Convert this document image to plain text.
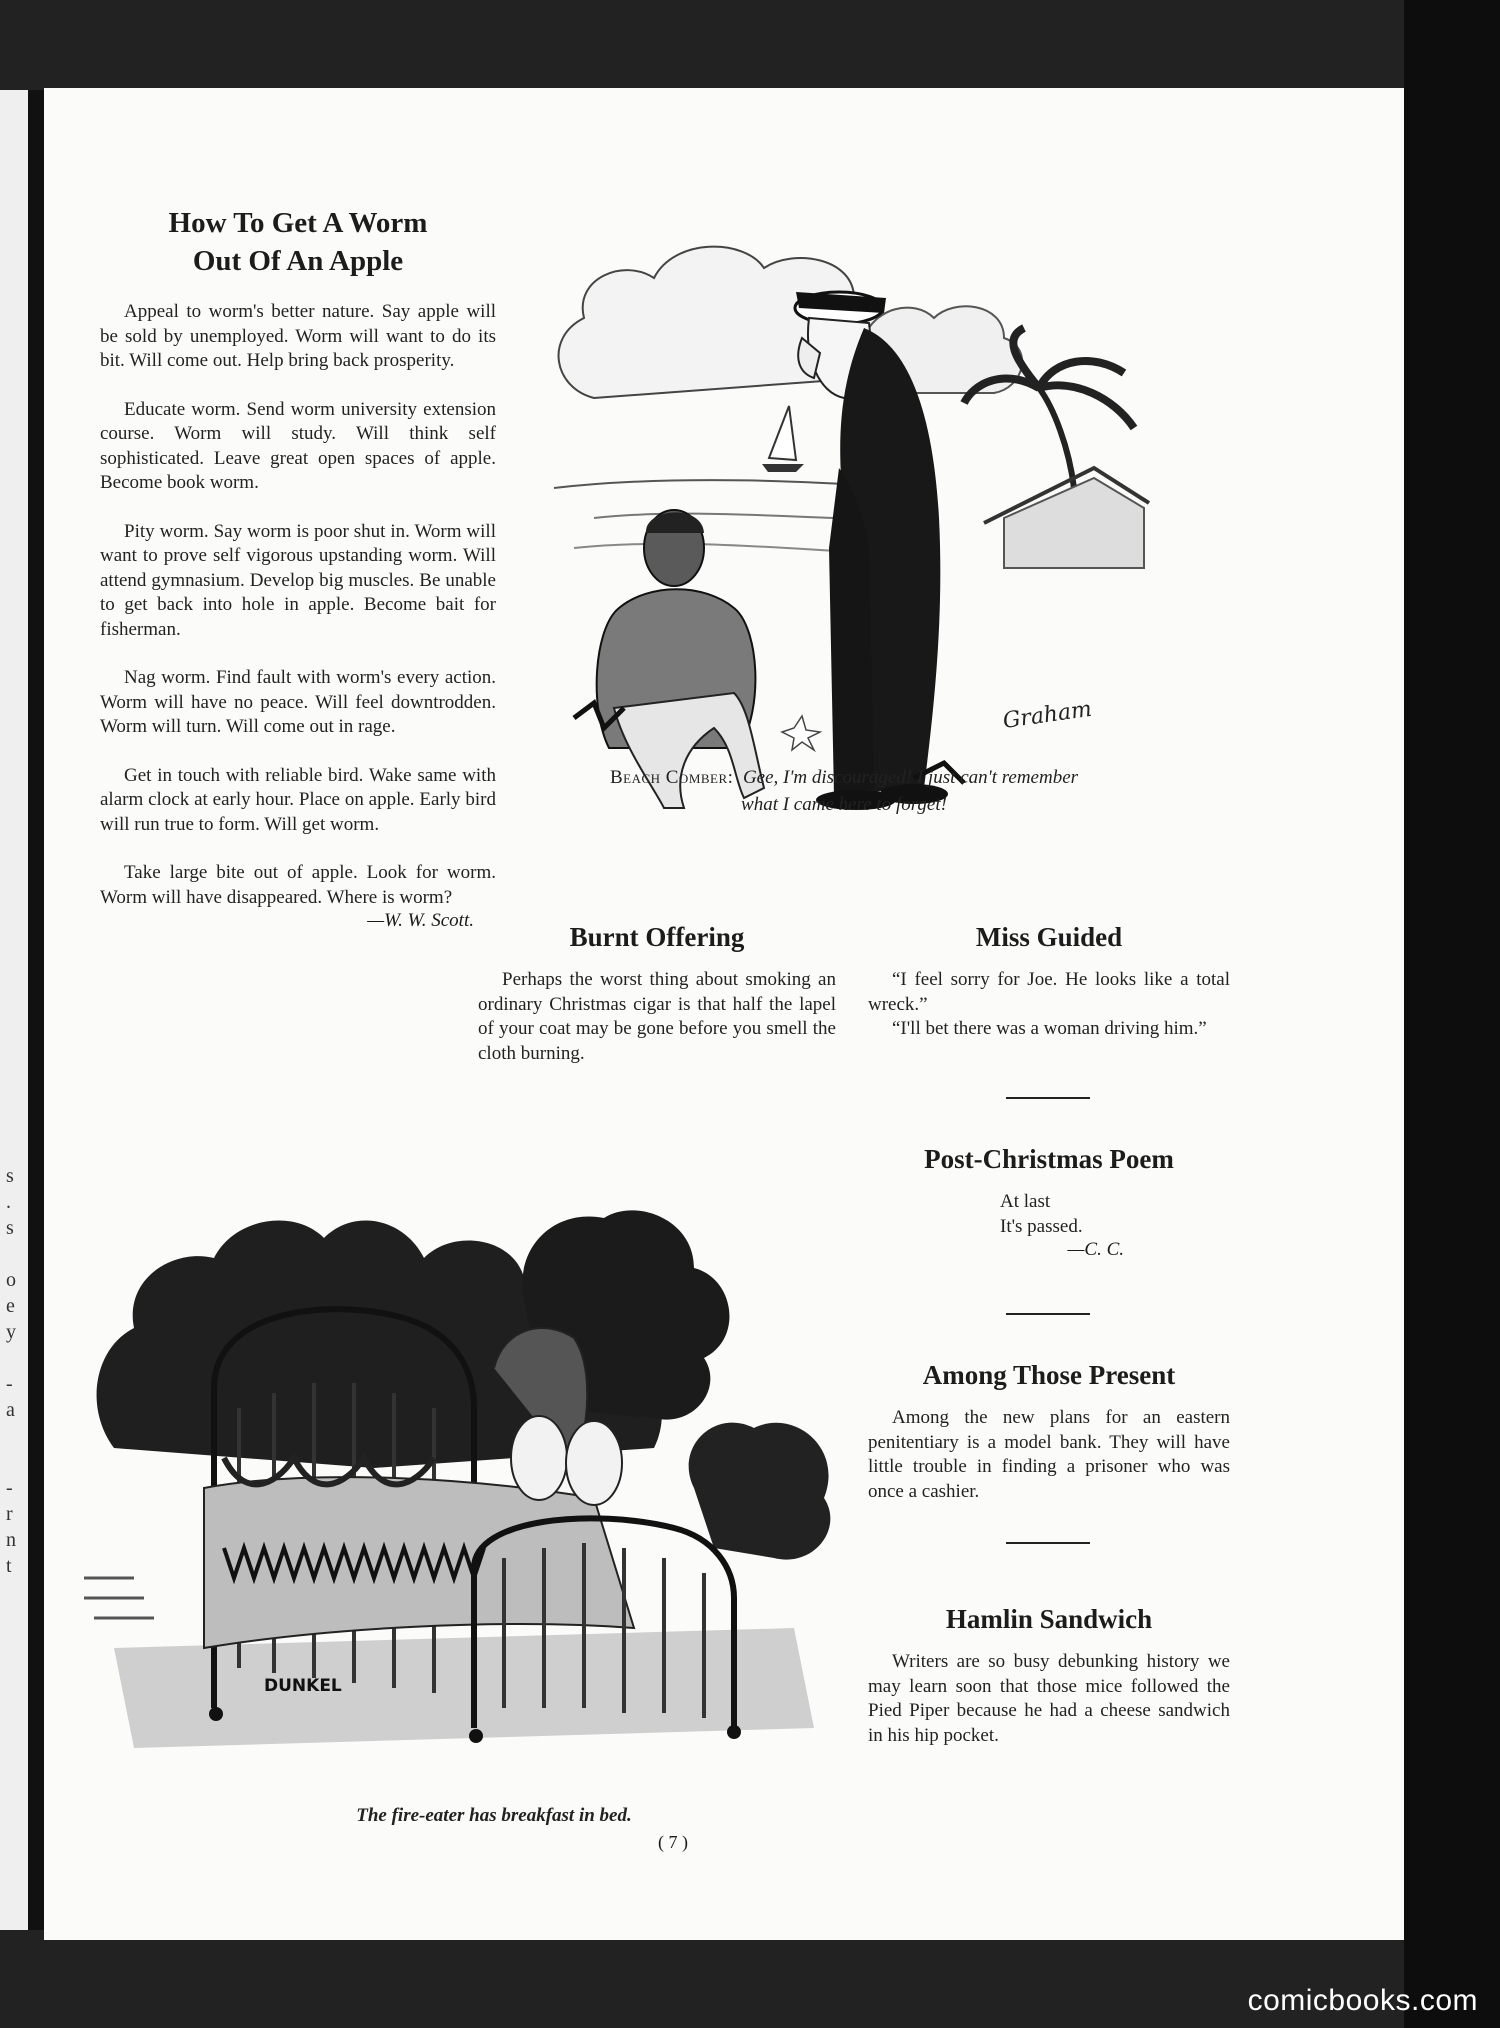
s
.
s
o
e
y
-
a
-
r
n
t
How To Get A Worm
Out Of An Apple

Appeal to worm's better nature. Say apple will be sold by unemployed. Worm will want to do its bit. Will come out. Help bring back prosperity.

Educate worm. Send worm university extension course. Worm will study. Will think self sophisticated. Leave great open spaces of apple. Become book worm.

Pity worm. Say worm is poor shut in. Worm will want to prove self vigorous upstanding worm. Will attend gymnasium. Develop big muscles. Be unable to get back into hole in apple. Become bait for fisherman.

Nag worm. Find fault with worm's every action. Worm will have no peace. Will feel downtrodden. Worm will turn. Will come out in rage.

Get in touch with reliable bird. Wake same with alarm clock at early hour. Place on apple. Early bird will run true to form. Will get worm.

Take large bite out of apple. Look for worm. Worm will have disappeared. Where is worm?

—W. W. Scott.
Graham
Beach Comber: Gee, I'm discouraged! I just can't remember
what I came here to forget!
Burnt Offering

Perhaps the worst thing about smoking an ordinary Christmas cigar is that half the lapel of your coat may be gone before you smell the cloth burning.

Miss Guided

“I feel sorry for Joe. He looks like a total wreck.”

“I'll bet there was a woman driving him.”

Post-Christmas Poem
At last
It's passed.
—C. C.
Among Those Present

Among the new plans for an eastern penitentiary is a model bank. They will have little trouble in finding a prisoner who was once a cashier.

Hamlin Sandwich

Writers are so busy debunking history we may learn soon that those mice followed the Pied Piper because he had a cheese sandwich in his hip pocket.

DUNKEL
The fire-eater has breakfast in bed.
( 7 )
comicbooks.com
